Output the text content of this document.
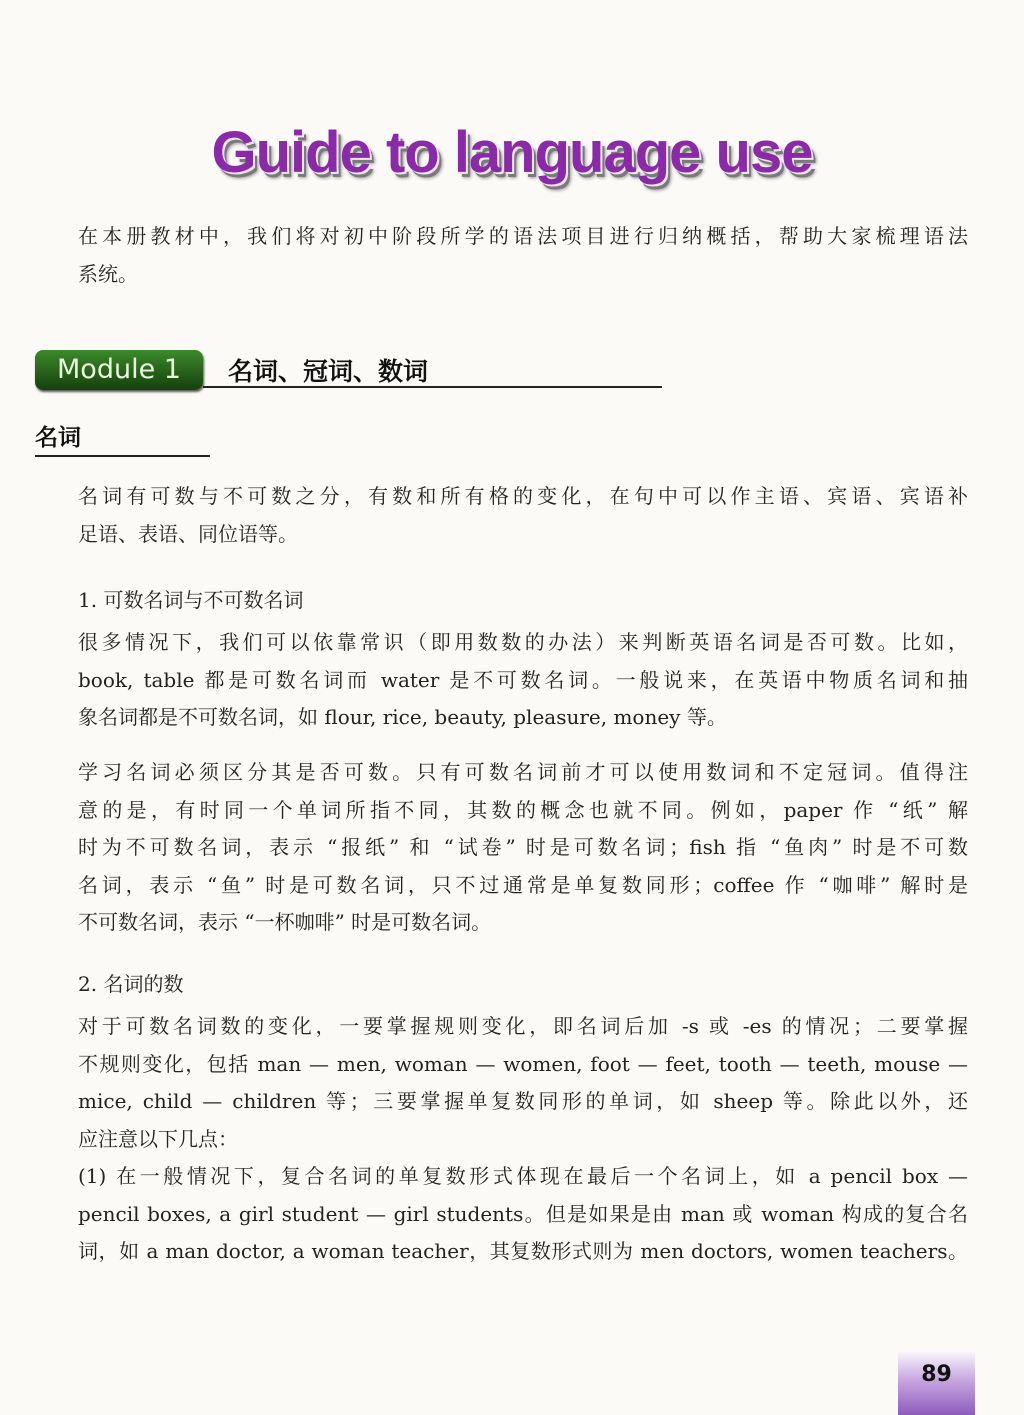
Guide to language use
在本册教材中，我们将对初中阶段所学的语法项目进行归纳概括，帮助大家梳理语法
系统。
Module 1	名词、冠词、数词
名词
名词有可数与不可数之分，有数和所有格的变化，在句中可以作主语、宾语、宾语补
足语、表语、同位语等。
1. 可数名词与不可数名词
很多情况下，我们可以依靠常识（即用数数的办法）来判断英语名词是否可数。比如，
book, table 都是可数名词而 water 是不可数名词。一般说来，在英语中物质名词和抽
象名词都是不可数名词，如 flour, rice, beauty, pleasure, money 等。
学习名词必须区分其是否可数。只有可数名词前才可以使用数词和不定冠词。值得注
意的是，有时同一个单词所指不同，其数的概念也就不同。例如，paper 作 “纸” 解
时为不可数名词，表示 “报纸” 和 “试卷” 时是可数名词；fish 指 “鱼肉” 时是不可数
名词，表示 “鱼” 时是可数名词，只不过通常是单复数同形；coffee 作 “咖啡” 解时是
不可数名词，表示 “一杯咖啡” 时是可数名词。
2. 名词的数
对于可数名词数的变化，一要掌握规则变化，即名词后加 -s 或 -es 的情况；二要掌握
不规则变化，包括 man — men, woman — women, foot — feet, tooth — teeth, mouse —
mice, child — children 等；三要掌握单复数同形的单词，如 sheep 等。除此以外，还
应注意以下几点：
(1) 在一般情况下，复合名词的单复数形式体现在最后一个名词上，如 a pencil box —
pencil boxes, a girl student — girl students。但是如果是由 man 或 woman 构成的复合名
词，如 a man doctor, a woman teacher，其复数形式则为 men doctors, women teachers。
89
